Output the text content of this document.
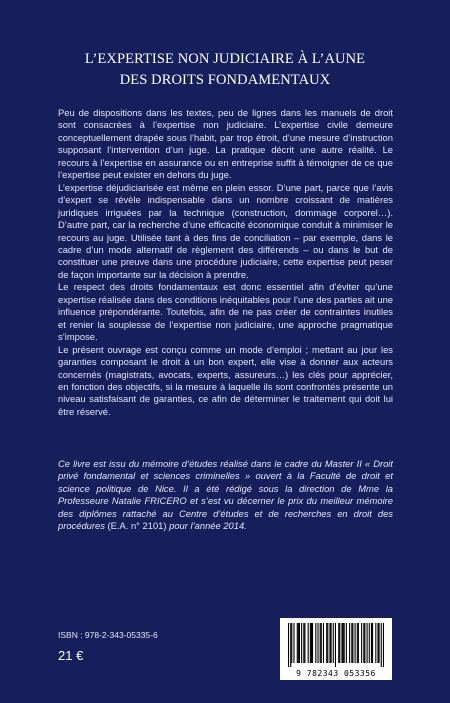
L’EXPERTISE NON JUDICIAIRE À L’AUNE
DES DROITS FONDAMENTAUX

Peu de dispositions dans les textes, peu de lignes dans les manuels de droit sont consacrées à l’expertise non judiciaire. L’expertise civile demeure conceptuellement drapée sous l’habit, par trop étroit, d’une mesure d’instruction supposant l’intervention d’un juge. La pratique décrit une autre réalité. Le recours à l’expertise en assurance ou en entreprise suffit à témoigner de ce que l’expertise peut exister en dehors du juge.

L’expertise déjudiciarisée est même en plein essor. D’une part, parce que l’avis d’expert se révèle indispensable dans un nombre croissant de matières juridiques irriguées par la technique (construction, dommage corporel…). D’autre part, car la recherche d’une efficacité économique conduit à minimiser le recours au juge. Utilisée tant à des fins de conciliation – par exemple, dans le cadre d’un mode alternatif de règlement des différends – ou dans le but de constituer une preuve dans une procédure judiciaire, cette expertise peut peser de façon importante sur la décision à prendre.

Le respect des droits fondamentaux est donc essentiel afin d’éviter qu’une expertise réalisée dans des conditions inéquitables pour l’une des parties ait une influence prépondérante. Toutefois, afin de ne pas créer de contraintes inutiles et renier la souplesse de l’expertise non judiciaire, une approche pragmatique s’impose.

Le présent ouvrage est conçu comme un mode d’emploi ; mettant au jour les garanties composant le droit à un bon expert, elle vise à donner aux acteurs concernés (magistrats, avocats, experts, assureurs…) les clés pour apprécier, en fonction des objectifs, si la mesure à laquelle ils sont confrontés présente un niveau satisfaisant de garanties, ce afin de déterminer le traitement qui doit lui être réservé.

Ce livre est issu du mémoire d’études réalisé dans le cadre du Master II « Droit privé fondamental et sciences criminelles » ouvert à la Faculté de droit et science politique de Nice. Il a été rédigé sous la direction de Mme la Professeure Natalie FRICERO et s’est vu décerner le prix du meilleur mémoire des diplômes rattaché au Centre d’études et de recherches en droit des procédures (E.A. n° 2101) pour l’année 2014.
ISBN : 978-2-343-05335-6
21 €
9 782343 053356
